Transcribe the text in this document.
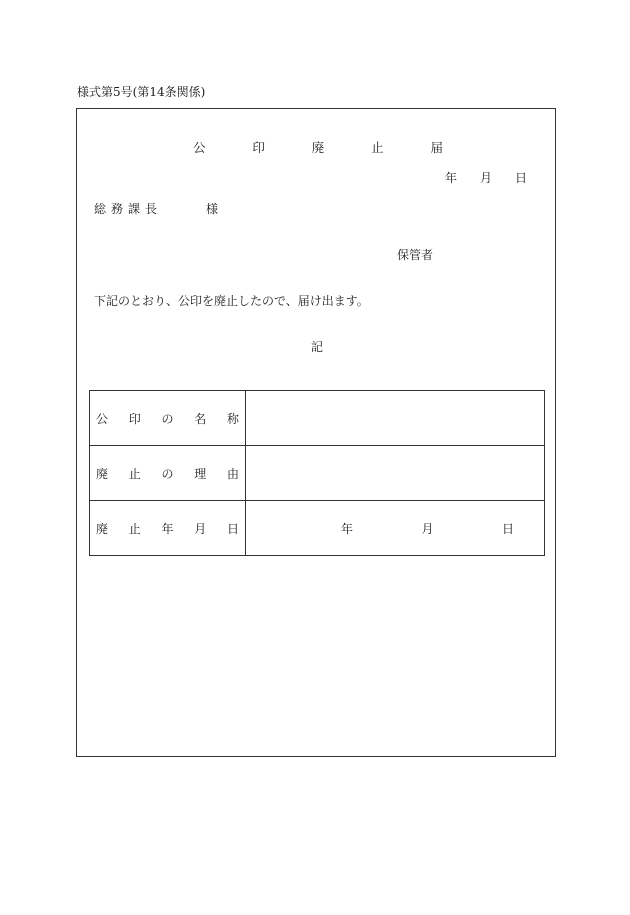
様式第5号(第14条関係)
公	印	廃	止	届
年 月 日
総務課長	様
保管者
下記のとおり、公印を廃止したので、届け出ます。
記
公 印 の 名 称	

廃 止 の 理 由	

廃 止 年 月 日	年 月 日
